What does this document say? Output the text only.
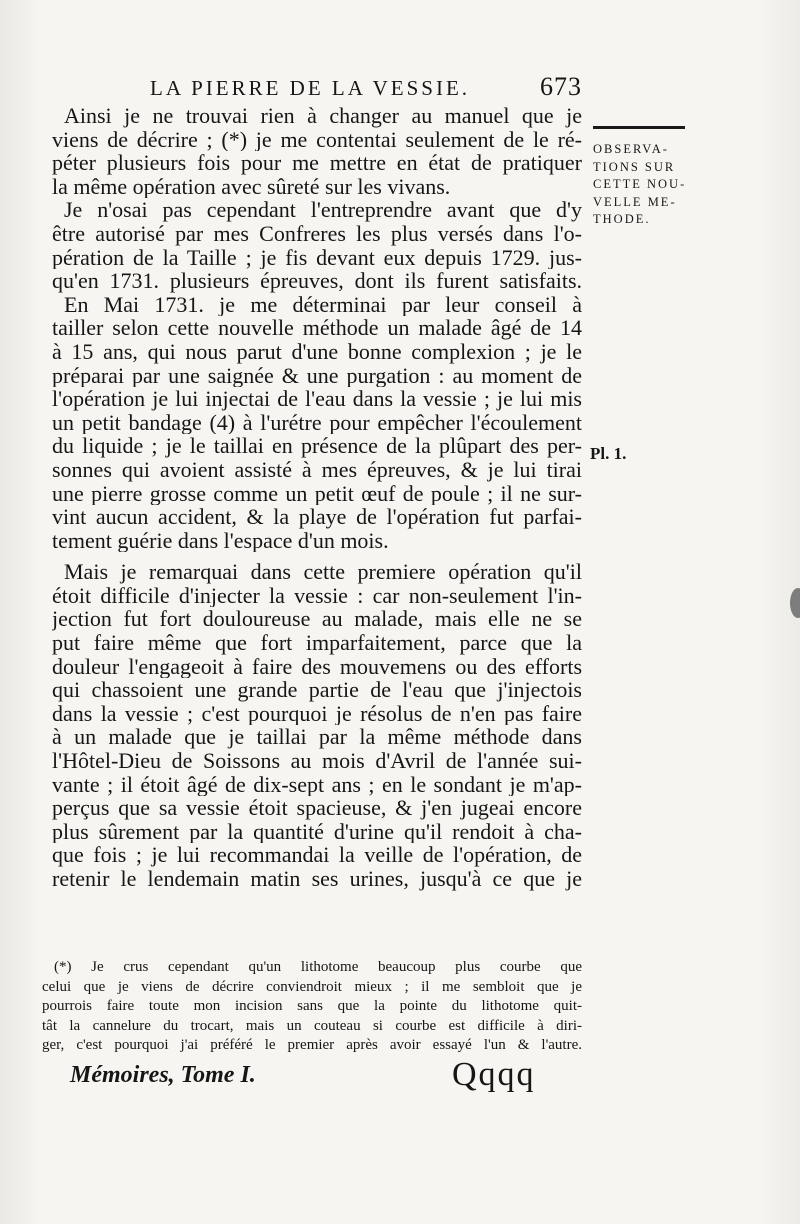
LA PIERRE DE LA VESSIE.	673
Ainsi je ne trouvai rien à changer au manuel que je
viens de décrire ; (*) je me contentai seulement de le ré-
péter plusieurs fois pour me mettre en état de pratiquer
la même opération avec sûreté sur les vivans.
Je n'osai pas cependant l'entreprendre avant que d'y
être autorisé par mes Confreres les plus versés dans l'o-
pération de la Taille ; je fis devant eux depuis 1729. jus-
qu'en 1731. plusieurs épreuves, dont ils furent satisfaits.
En Mai 1731. je me déterminai par leur conseil à
tailler selon cette nouvelle méthode un malade âgé de 14
à 15 ans, qui nous parut d'une bonne complexion ; je le
préparai par une saignée & une purgation : au moment de
l'opération je lui injectai de l'eau dans la vessie ; je lui mis
un petit bandage (4) à l'urétre pour empêcher l'écoulement
du liquide ; je le taillai en présence de la plûpart des per-
sonnes qui avoient assisté à mes épreuves, & je lui tirai
une pierre grosse comme un petit œuf de poule ; il ne sur-
vint aucun accident, & la playe de l'opération fut parfai-
tement guérie dans l'espace d'un mois.
Mais je remarquai dans cette premiere opération qu'il
étoit difficile d'injecter la vessie : car non-seulement l'in-
jection fut fort douloureuse au malade, mais elle ne se
put faire même que fort imparfaitement, parce que la
douleur l'engageoit à faire des mouvemens ou des efforts
qui chassoient une grande partie de l'eau que j'injectois
dans la vessie ; c'est pourquoi je résolus de n'en pas faire
à un malade que je taillai par la même méthode dans
l'Hôtel-Dieu de Soissons au mois d'Avril de l'année sui-
vante ; il étoit âgé de dix-sept ans ; en le sondant je m'ap-
perçus que sa vessie étoit spacieuse, & j'en jugeai encore
plus sûrement par la quantité d'urine qu'il rendoit à cha-
que fois ; je lui recommandai la veille de l'opération, de
retenir le lendemain matin ses urines, jusqu'à ce que je
OBSERVA-
TIONS SUR
CETTE NOU-
VELLE ME-
THODE.
Pl. 1.
(*) Je crus cependant qu'un lithotome beaucoup plus courbe que
celui que je viens de décrire conviendroit mieux ; il me sembloit que je
pourrois faire toute mon incision sans que la pointe du lithotome quit-
tât la cannelure du trocart, mais un couteau si courbe est difficile à diri-
ger, c'est pourquoi j'ai préféré le premier après avoir essayé l'un & l'autre.
Mémoires, Tome I.	Qqqq
